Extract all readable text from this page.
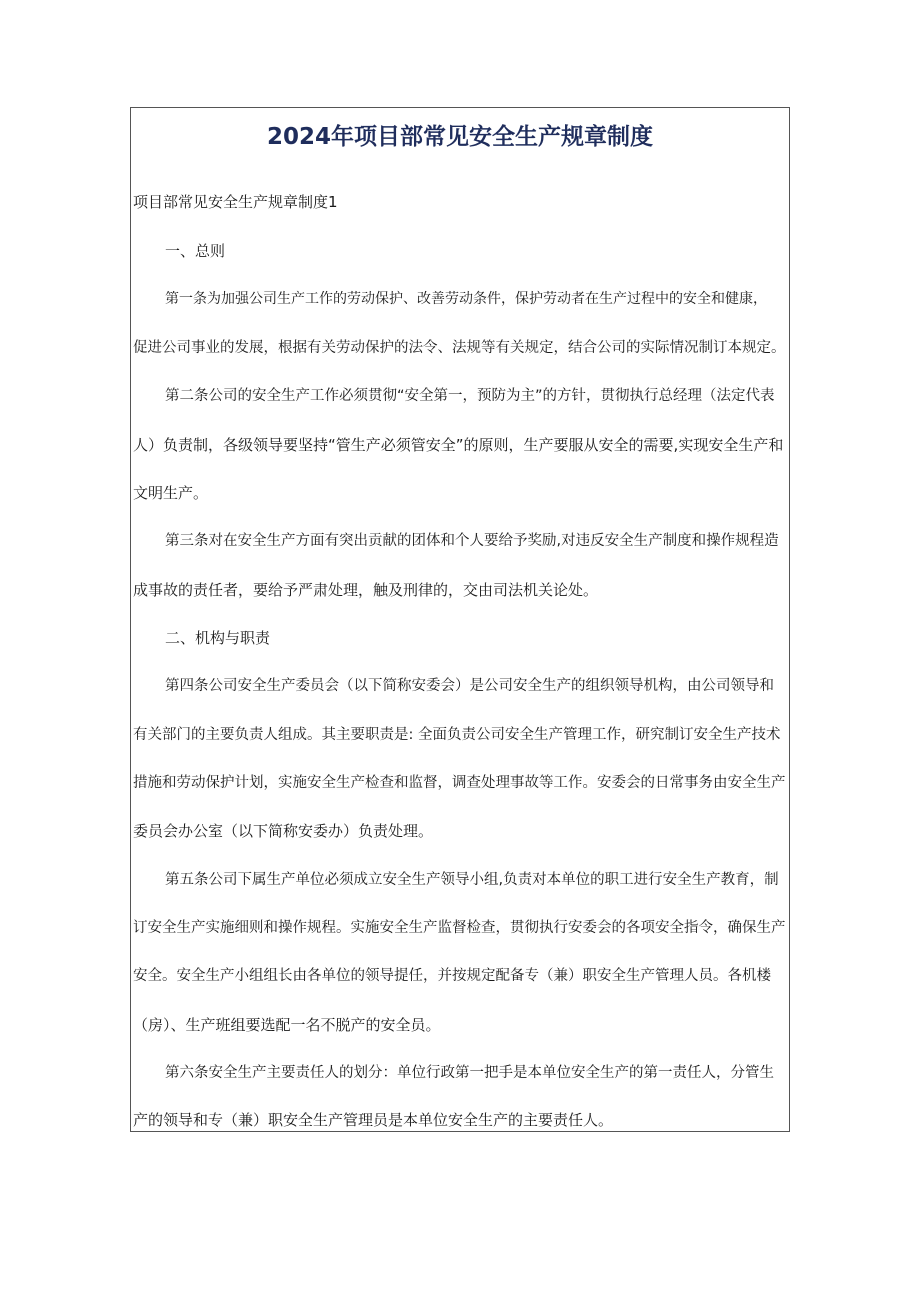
2024年项目部常见安全生产规章制度

项目部常见安全生产规章制度1

一、总则

第一条为加强公司生产工作的劳动保护、改善劳动条件，保护劳动者在生产过程中的安全和健康，

促进公司事业的发展，根据有关劳动保护的法令、法规等有关规定，结合公司的实际情况制订本规定。

第二条公司的安全生产工作必须贯彻“安全第一，预防为主”的方针，贯彻执行总经理（法定代表

人）负责制，各级领导要坚持“管生产必须管安全”的原则，生产要服从安全的需要,实现安全生产和

文明生产。

第三条对在安全生产方面有突出贡献的团体和个人要给予奖励,对违反安全生产制度和操作规程造

成事故的责任者，要给予严肃处理，触及刑律的，交由司法机关论处。

二、机构与职责

第四条公司安全生产委员会（以下简称安委会）是公司安全生产的组织领导机构，由公司领导和

有关部门的主要负责人组成。其主要职责是: 全面负责公司安全生产管理工作，研究制订安全生产技术

措施和劳动保护计划，实施安全生产检查和监督，调查处理事故等工作。安委会的日常事务由安全生产

委员会办公室（以下简称安委办）负责处理。

第五条公司下属生产单位必须成立安全生产领导小组,负责对本单位的职工进行安全生产教育，制

订安全生产实施细则和操作规程。实施安全生产监督检查，贯彻执行安委会的各项安全指令，确保生产

安全。安全生产小组组长由各单位的领导提任，并按规定配备专（兼）职安全生产管理人员。各机楼

（房）、生产班组要选配一名不脱产的安全员。

第六条安全生产主要责任人的划分：单位行政第一把手是本单位安全生产的第一责任人，分管生

产的领导和专（兼）职安全生产管理员是本单位安全生产的主要责任人。
